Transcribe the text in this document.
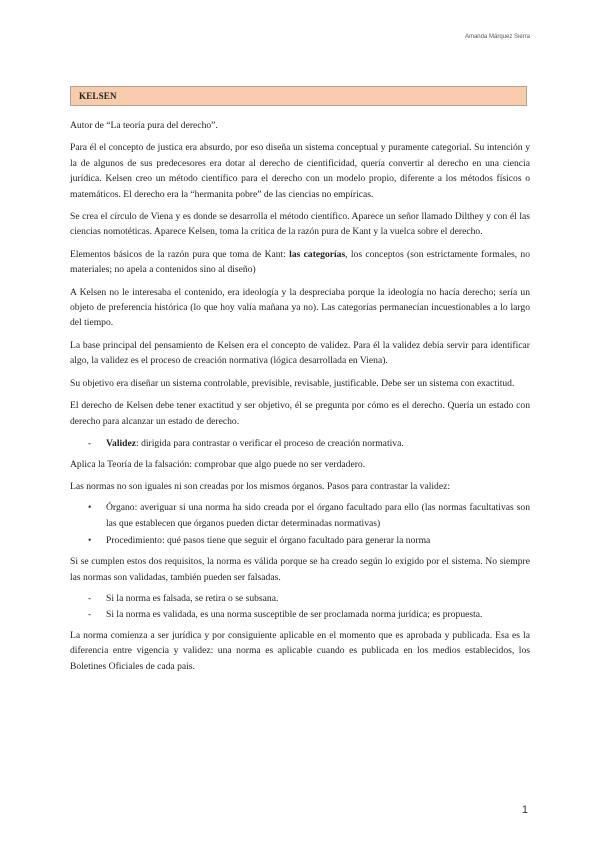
Amanda Márquez Sierra
KELSEN

Autor de “La teoría pura del derecho”.

Para él el concepto de justica era absurdo, por eso diseña un sistema conceptual y puramente categorial. Su intención y la de algunos de sus predecesores era dotar al derecho de cientificidad, quería convertir al derecho en una ciencia jurídica. Kelsen creo un método científico para el derecho con un modelo propio, diferente a los métodos físicos o matemáticos. El derecho era la “hermanita pobre” de las ciencias no empíricas.

Se crea el círculo de Viena y es donde se desarrolla el método científico. Aparece un señor llamado Dilthey y con él las ciencias nomotéticas. Aparece Kelsen, toma la crítica de la razón pura de Kant y la vuelca sobre el derecho.

Elementos básicos de la razón pura que toma de Kant: las categorías, los conceptos (son estrictamente formales, no materiales; no apela a contenidos sino al diseño)

A Kelsen no le interesaba el contenido, era ideología y la despreciaba porque la ideología no hacía derecho; sería un objeto de preferencia histórica (lo que hoy valía mañana ya no). Las categorías permanecían incuestionables a lo largo del tiempo.

La base principal del pensamiento de Kelsen era el concepto de validez. Para él la validez debía servir para identificar algo, la validez es el proceso de creación normativa (lógica desarrollada en Viena).

Su objetivo era diseñar un sistema controlable, previsible, revisable, justificable. Debe ser un sistema con exactitud.

El derecho de Kelsen debe tener exactitud y ser objetivo, él se pregunta por cómo es el derecho. Quería un estado con derecho para alcanzar un estado de derecho.

- Validez: dirigida para contrastar o verificar el proceso de creación normativa.

Aplica la Teoría de la falsación: comprobar que algo puede no ser verdadero.

Las normas no son iguales ni son creadas por los mismos órganos. Pasos para contrastar la validez:

• Órgano: averiguar si una norma ha sido creada por el órgano facultado para ello (las normas facultativas son las que establecen que órganos pueden dictar determinadas normativas)
• Procedimiento: qué pasos tiene que seguir el órgano facultado para generar la norma

Si se cumplen estos dos requisitos, la norma es válida porque se ha creado según lo exigido por el sistema. No siempre las normas son validadas, también pueden ser falsadas.

- Si la norma es falsada, se retira o se subsana.
- Si la norma es validada, es una norma susceptible de ser proclamada norma jurídica; es propuesta.

La norma comienza a ser jurídica y por consiguiente aplicable en el momento que es aprobada y publicada. Esa es la diferencia entre vigencia y validez: una norma es aplicable cuando es publicada en los medios establecidos, los Boletines Oficiales de cada país.

1
